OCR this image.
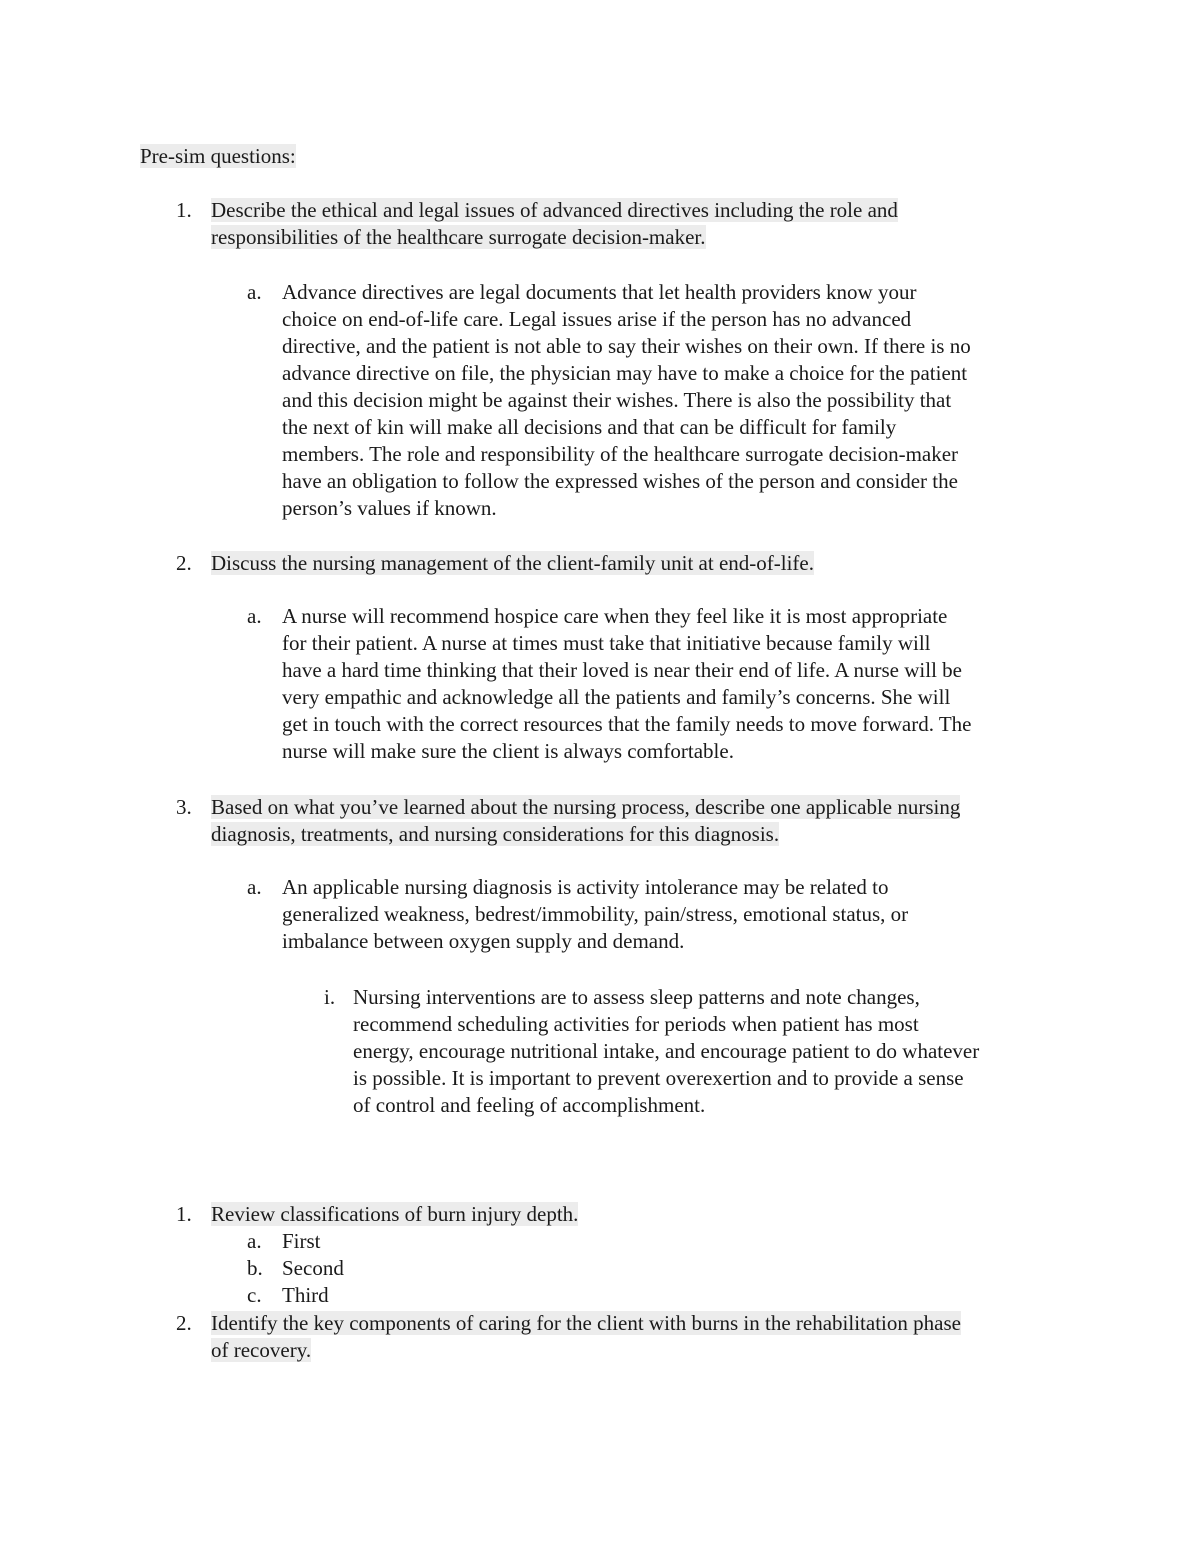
Pre-sim questions:
1. Describe the ethical and legal issues of advanced directives including the role and
responsibilities of the healthcare surrogate decision-maker.
a. Advance directives are legal documents that let health providers know your
choice on end-of-life care. Legal issues arise if the person has no advanced
directive, and the patient is not able to say their wishes on their own. If there is no
advance directive on file, the physician may have to make a choice for the patient
and this decision might be against their wishes. There is also the possibility that
the next of kin will make all decisions and that can be difficult for family
members. The role and responsibility of the healthcare surrogate decision-maker
have an obligation to follow the expressed wishes of the person and consider the
person’s values if known.
2. Discuss the nursing management of the client-family unit at end-of-life.
a. A nurse will recommend hospice care when they feel like it is most appropriate
for their patient. A nurse at times must take that initiative because family will
have a hard time thinking that their loved is near their end of life. A nurse will be
very empathic and acknowledge all the patients and family’s concerns. She will
get in touch with the correct resources that the family needs to move forward. The
nurse will make sure the client is always comfortable.
3. Based on what you’ve learned about the nursing process, describe one applicable nursing
diagnosis, treatments, and nursing considerations for this diagnosis.
a. An applicable nursing diagnosis is activity intolerance may be related to
generalized weakness, bedrest/immobility, pain/stress, emotional status, or
imbalance between oxygen supply and demand.
i. Nursing interventions are to assess sleep patterns and note changes,
recommend scheduling activities for periods when patient has most
energy, encourage nutritional intake, and encourage patient to do whatever
is possible. It is important to prevent overexertion and to provide a sense
of control and feeling of accomplishment.
1. Review classifications of burn injury depth.
a. First
b. Second
c. Third
2. Identify the key components of caring for the client with burns in the rehabilitation phase
of recovery.
